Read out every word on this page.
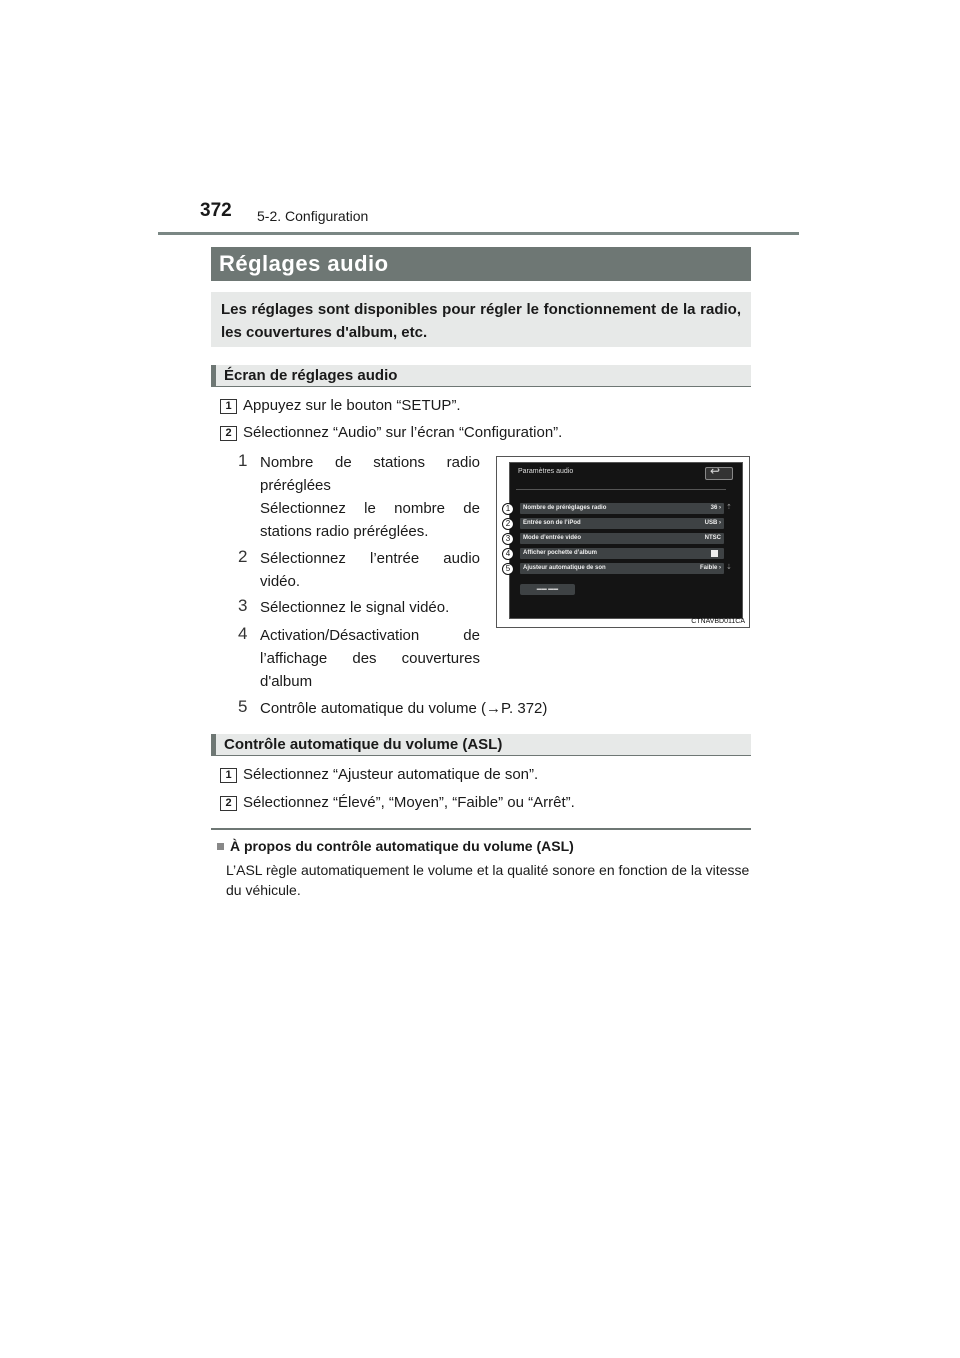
372 5-2. Configuration
Réglages audio

Les réglages sont disponibles pour régler le fonctionnement de la radio, les couvertures d'album, etc.

Écran de réglages audio
1 Appuyez sur le bouton “SETUP”.
2 Sélectionnez “Audio” sur l’écran “Configuration”.
1 Nombre de stations radio
préréglées
Sélectionnez le nombre de
stations radio préréglées.
2 Sélectionnez l’entrée audio
vidéo.
3 Sélectionnez le signal vidéo.
4 Activation/Désactivation de
l’affichage des couvertures
d'album
5 Contrôle automatique du volume (→P. 372)
Paramètres audio	↩
Nombre de préréglages radio	36 ›
Entrée son de l’iPod	USB ›
Mode d’entrée vidéo	NTSC
Afficher pochette d’album
Ajusteur automatique de son	Faible ›
⇡
⇣
▬▬ ▬▬
1
2
3
4
5
CTNAVBD011CA
Contrôle automatique du volume (ASL)
1 Sélectionnez “Ajusteur automatique de son”.
2 Sélectionnez “Élevé”, “Moyen”, “Faible” ou “Arrêt”.
À propos du contrôle automatique du volume (ASL)
L’ASL règle automatiquement le volume et la qualité sonore en fonction de la vitesse du véhicule.
